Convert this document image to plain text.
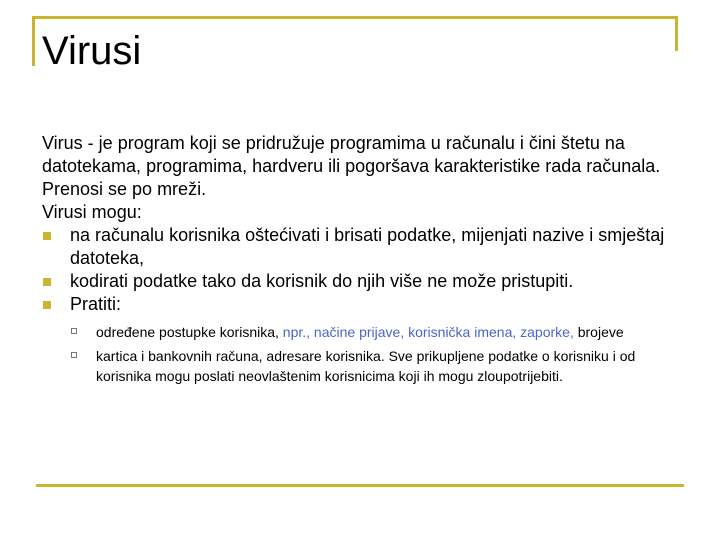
Virusi

Virus - je program koji se pridružuje programima u računalu i čini štetu na datotekama, programima, hardveru ili pogoršava karakteristike rada računala. Prenosi se po mreži.

Virusi mogu:

na računalu korisnika oštećivati i brisati podatke, mijenjati nazive i smještaj datoteka,
kodirati podatke tako da korisnik do njih više ne može pristupiti.
Pratiti:
određene postupke korisnika, npr., načine prijave, korisnička imena, zaporke, brojeve
kartica i bankovnih računa, adresare korisnika. Sve prikupljene podatke o korisniku i od korisnika mogu poslati neovlaštenim korisnicima koji ih mogu zloupotrijebiti.
